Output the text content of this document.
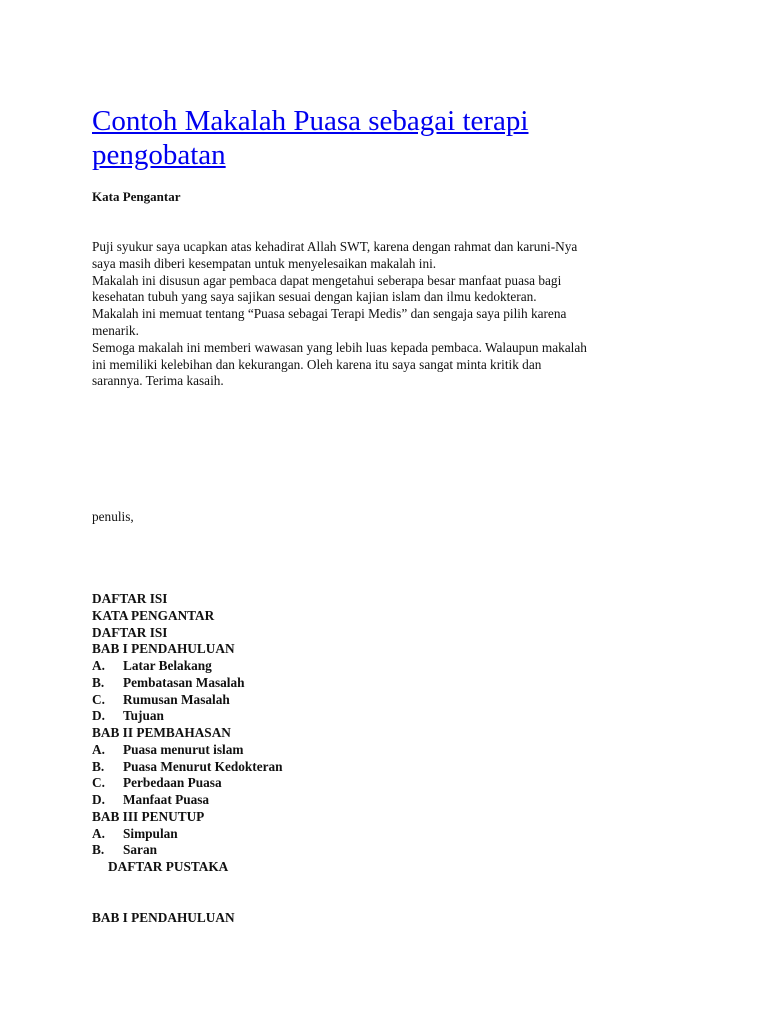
Contoh Makalah Puasa sebagai terapi
pengobatan
Kata Pengantar
Puji syukur saya ucapkan atas kehadirat Allah SWT, karena dengan rahmat dan karuni-Nya
saya masih diberi kesempatan untuk menyelesaikan makalah ini.
Makalah ini disusun agar pembaca dapat mengetahui seberapa besar manfaat puasa bagi
kesehatan tubuh yang saya sajikan sesuai dengan kajian islam dan ilmu kedokteran.
Makalah ini memuat tentang “Puasa sebagai Terapi Medis” dan sengaja saya pilih karena
menarik.
Semoga makalah ini memberi wawasan yang lebih luas kepada pembaca. Walaupun makalah
ini memiliki kelebihan dan kekurangan. Oleh karena itu saya sangat minta kritik dan
sarannya. Terima kasaih.
penulis,
DAFTAR ISI
KATA PENGANTAR
DAFTAR ISI
BAB I PENDAHULUAN
A. Latar Belakang
B. Pembatasan Masalah
C. Rumusan Masalah
D. Tujuan
BAB II PEMBAHASAN
A. Puasa menurut islam
B. Puasa Menurut Kedokteran
C. Perbedaan Puasa
D. Manfaat Puasa
BAB III PENUTUP
A. Simpulan
B. Saran
DAFTAR PUSTAKA
BAB I PENDAHULUAN
